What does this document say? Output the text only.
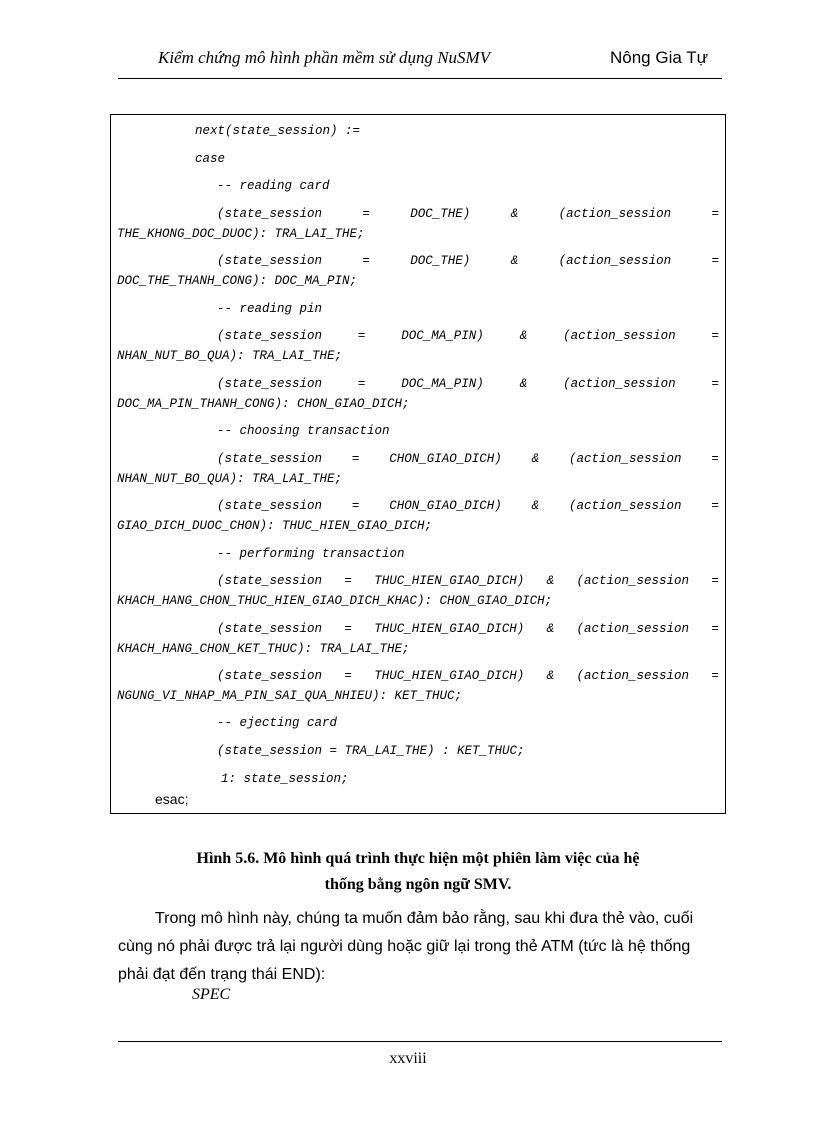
Kiểm chứng mô hình phần mềm sử dụng NuSMV	Nông Gia Tự
next(state_session) :=
case
-- reading card
(state_session	=	DOC_THE)	&	(action_session	=
THE_KHONG_DOC_DUOC): TRA_LAI_THE;
(state_session	=	DOC_THE)	&	(action_session	=
DOC_THE_THANH_CONG): DOC_MA_PIN;
-- reading pin
(state_session	=	DOC_MA_PIN)	&	(action_session	=
NHAN_NUT_BO_QUA): TRA_LAI_THE;
(state_session	=	DOC_MA_PIN)	&	(action_session	=
DOC_MA_PIN_THANH_CONG): CHON_GIAO_DICH;
-- choosing transaction
(state_session = CHON_GIAO_DICH) & (action_session =
NHAN_NUT_BO_QUA): TRA_LAI_THE;
(state_session = CHON_GIAO_DICH) & (action_session =
GIAO_DICH_DUOC_CHON): THUC_HIEN_GIAO_DICH;
-- performing transaction
(state_session = THUC_HIEN_GIAO_DICH) & (action_session =
KHACH_HANG_CHON_THUC_HIEN_GIAO_DICH_KHAC): CHON_GIAO_DICH;
(state_session = THUC_HIEN_GIAO_DICH) & (action_session =
KHACH_HANG_CHON_KET_THUC): TRA_LAI_THE;
(state_session = THUC_HIEN_GIAO_DICH) & (action_session =
NGUNG_VI_NHAP_MA_PIN_SAI_QUA_NHIEU): KET_THUC;
-- ejecting card
(state_session = TRA_LAI_THE) : KET_THUC;
1: state_session;
esac;
Hình 5.6. Mô hình quá trình thực hiện một phiên làm việc của hệ
thống bằng ngôn ngữ SMV.
Trong mô hình này, chúng ta muốn đảm bảo rằng, sau khi đưa thẻ vào, cuối
cùng nó phải được trả lại người dùng hoặc giữ lại trong thẻ ATM (tức là hệ thống
phải đạt đến trạng thái END):
SPEC
xxviii
